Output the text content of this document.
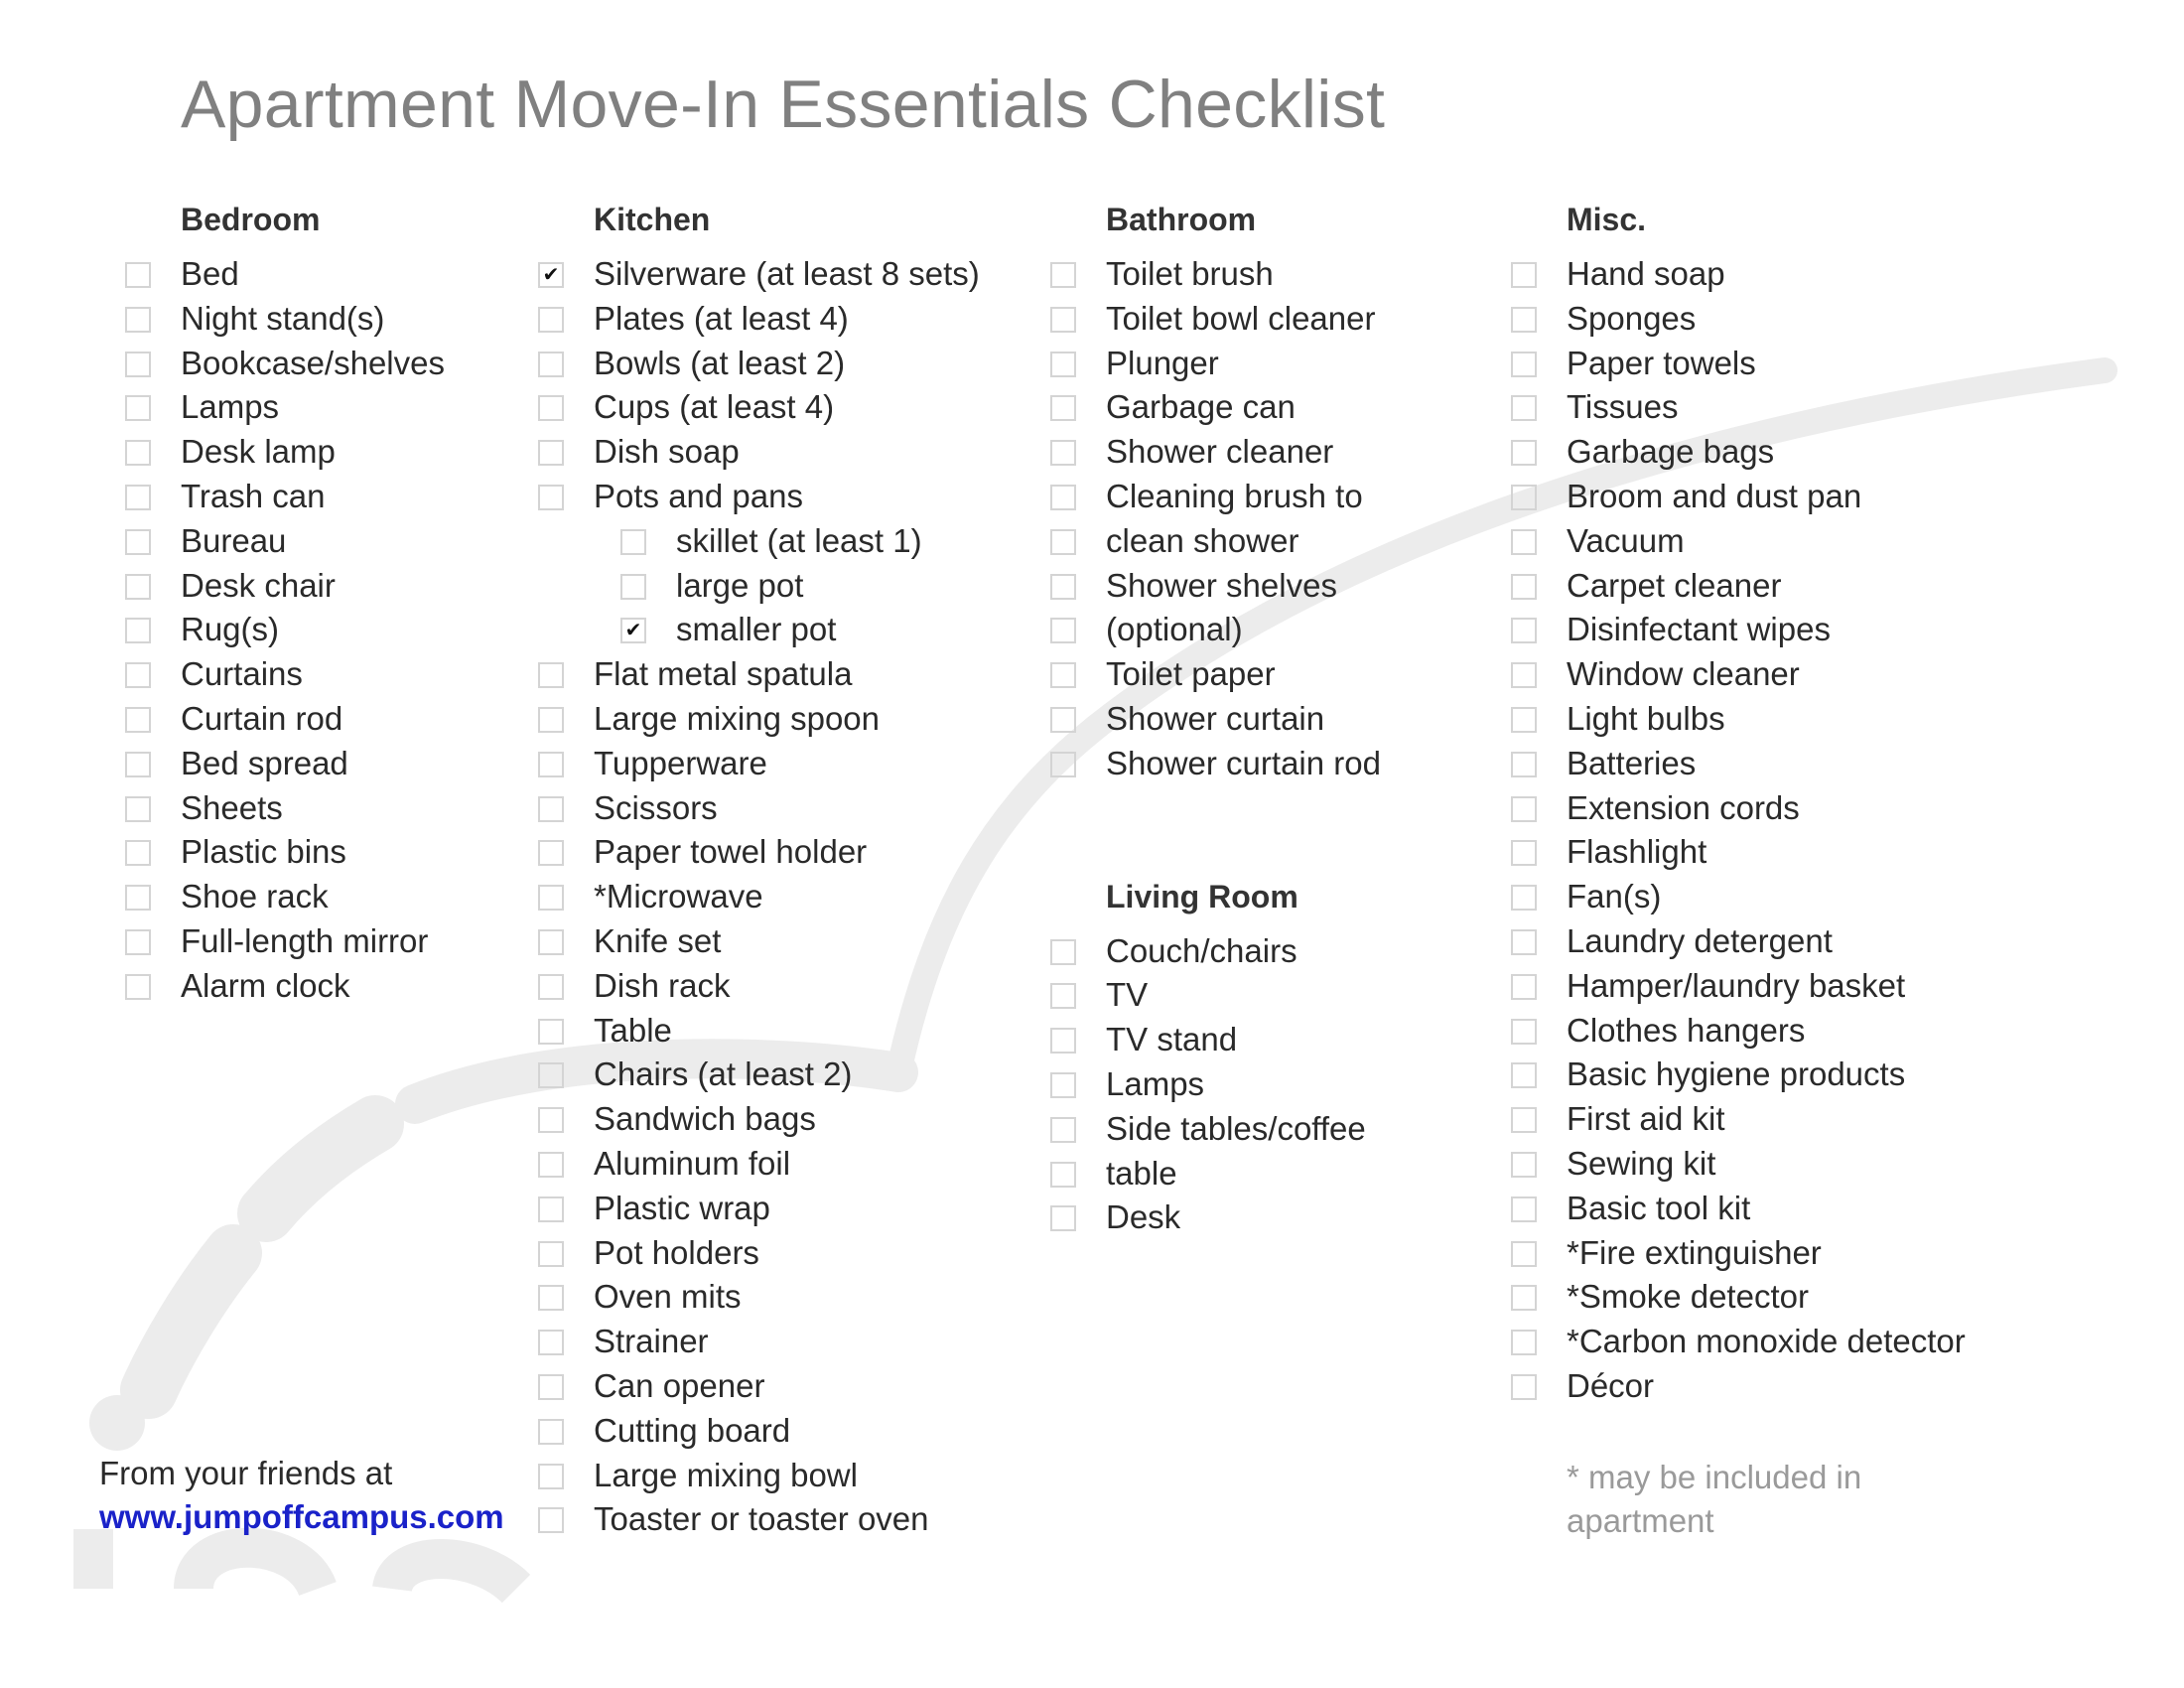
Apartment Move-In Essentials Checklist
Bedroom
Bed
Night stand(s)
Bookcase/shelves
Lamps
Desk lamp
Trash can
Bureau
Desk chair
Rug(s)
Curtains
Curtain rod
Bed spread
Sheets
Plastic bins
Shoe rack
Full-length mirror
Alarm clock
Kitchen
✔ Silverware (at least 8 sets)
Plates (at least 4)
Bowls (at least 2)
Cups (at least 4)
Dish soap
Pots and pans
skillet (at least 1)
large pot
✔ smaller pot
Flat metal spatula
Large mixing spoon
Tupperware
Scissors
Paper towel holder
*Microwave
Knife set
Dish rack
Table
Chairs (at least 2)
Sandwich bags
Aluminum foil
Plastic wrap
Pot holders
Oven mits
Strainer
Can opener
Cutting board
Large mixing bowl
Toaster or toaster oven
Bathroom
Toilet brush
Toilet bowl cleaner
Plunger
Garbage can
Shower cleaner
Cleaning brush to
clean shower
Shower shelves
(optional)
Toilet paper
Shower curtain
Shower curtain rod
Living Room
Couch/chairs
TV
TV stand
Lamps
Side tables/coffee
table
Desk
Misc.
Hand soap
Sponges
Paper towels
Tissues
Garbage bags
Broom and dust pan
Vacuum
Carpet cleaner
Disinfectant wipes
Window cleaner
Light bulbs
Batteries
Extension cords
Flashlight
Fan(s)
Laundry detergent
Hamper/laundry basket
Clothes hangers
Basic hygiene products
First aid kit
Sewing kit
Basic tool kit
*Fire extinguisher
*Smoke detector
*Carbon monoxide detector
Décor
From your friends at
www.jumpoffcampus.com
* may be included in apartment
